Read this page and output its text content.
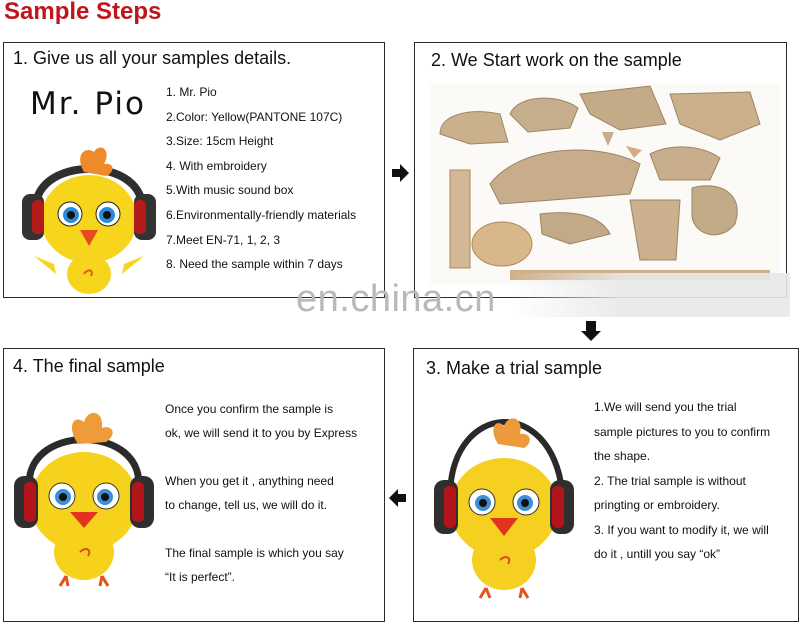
Sample Steps
1. Give us all your samples details.
Mr. Pio 1. Mr. Pio
2.Color: Yellow(PANTONE 107C)
3.Size: 15cm Height
4. With embroidery
5.With music sound box
6.Environmentally-friendly materials
7.Meet EN-71, 1, 2, 3
8. Need the sample within 7 days
2. We Start work on the sample
en.china.cn
4. The final sample
Once you confirm the sample is
ok, we will send it to you by Express
When you get it , anything need
to change, tell us, we will do it.
The final sample is which you say
“It is perfect”.
3. Make a trial sample
1.We will send you the trial
sample pictures to you to confirm
the shape.
2. The trial sample is without
pringting or embroidery.
3. If you want to modify it, we will
do it , untill you say “ok”
